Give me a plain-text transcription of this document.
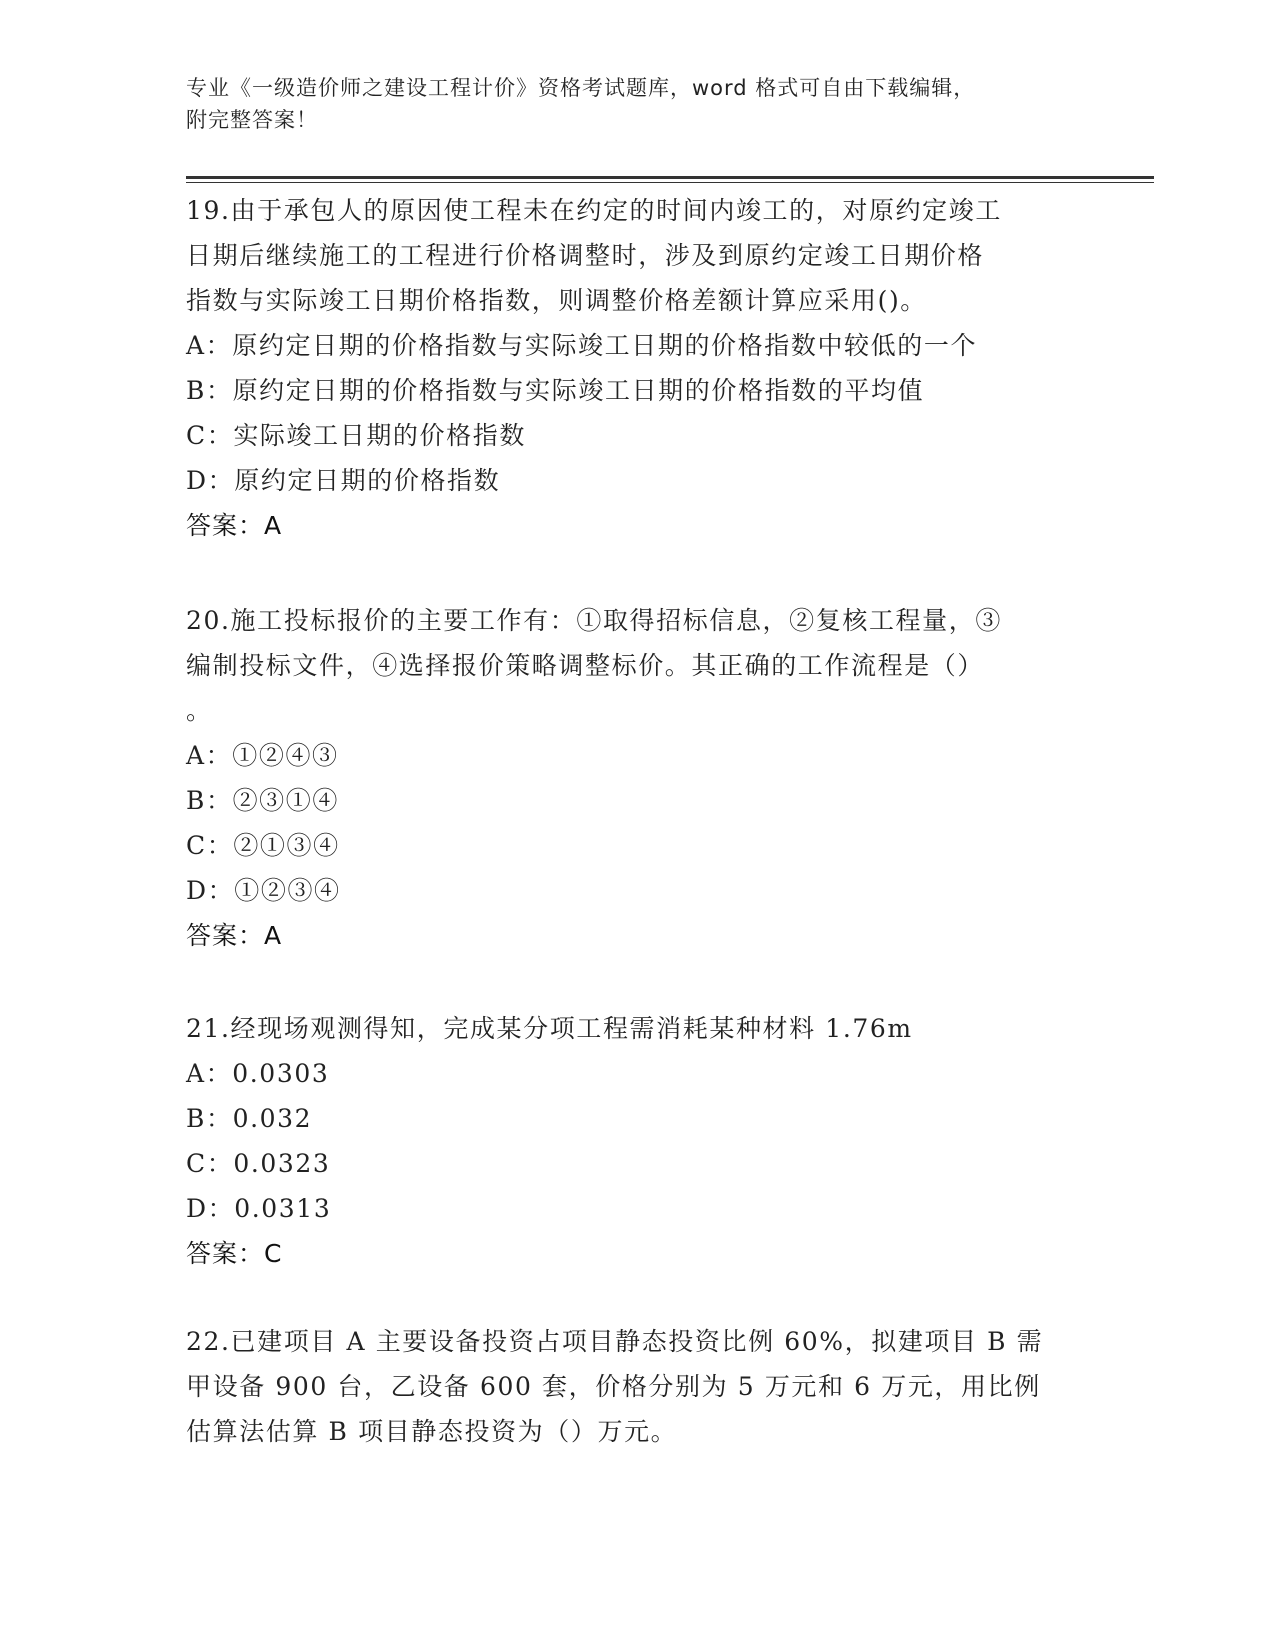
专业《一级造价师之建设工程计价》资格考试题库，word 格式可自由下载编辑，
附完整答案！
19.由于承包人的原因使工程未在约定的时间内竣工的，对原约定竣工
日期后继续施工的工程进行价格调整时，涉及到原约定竣工日期价格
指数与实际竣工日期价格指数，则调整价格差额计算应采用()。
A：原约定日期的价格指数与实际竣工日期的价格指数中较低的一个
B：原约定日期的价格指数与实际竣工日期的价格指数的平均值
C：实际竣工日期的价格指数
D：原约定日期的价格指数
答案：A
20.施工投标报价的主要工作有：①取得招标信息，②复核工程量，③
编制投标文件，④选择报价策略调整标价。其正确的工作流程是（）
。
A：①②④③
B：②③①④
C：②①③④
D：①②③④
答案：A
21.经现场观测得知，完成某分项工程需消耗某种材料 1.76m
A：0.0303
B：0.032
C：0.0323
D：0.0313
答案：C
22.已建项目 A 主要设备投资占项目静态投资比例 60%，拟建项目 B 需
甲设备 900 台，乙设备 600 套，价格分别为 5 万元和 6 万元，用比例
估算法估算 B 项目静态投资为（）万元。
